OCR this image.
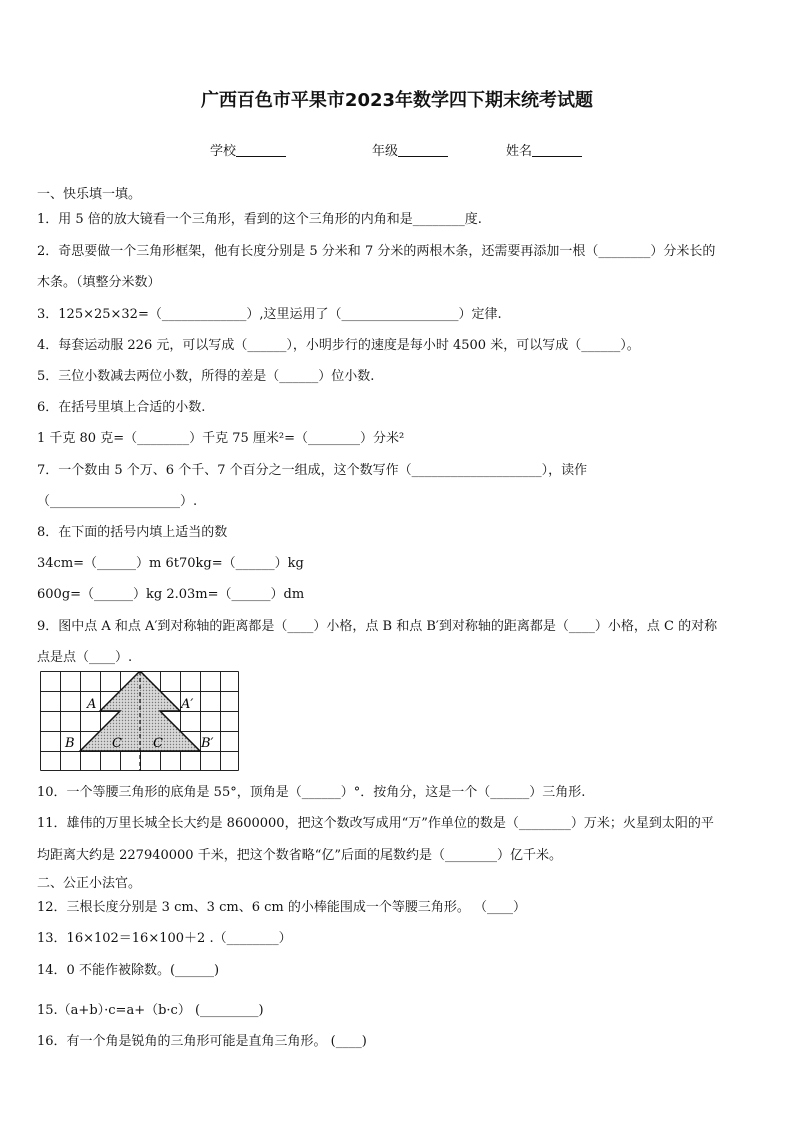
广西百色市平果市2023年数学四下期末统考试题
学校	年级	姓名
一、快乐填一填。
1．用 5 倍的放大镜看一个三角形，看到的这个三角形的内角和是________度.
2．奇思要做一个三角形框架，他有长度分别是 5 分米和 7 分米的两根木条，还需要再添加一根（________）分米长的
木条。（填整分米数）
3．125×25×32=（_____________）,这里运用了（__________________）定律.
4．每套运动服 226 元，可以写成（______），小明步行的速度是每小时 4500 米，可以写成（______）。
5．三位小数减去两位小数，所得的差是（______）位小数.
6．在括号里填上合适的小数.
1 千克 80 克=（________）千克 75 厘米²=（________）分米²
7．一个数由 5 个万、6 个千、7 个百分之一组成，这个数写作（____________________），读作
（____________________）.
8．在下面的括号内填上适当的数
34cm=（______）m 6t70kg=（______）kg
600g=（______）kg 2.03m=（______）dm
9．图中点 A 和点 A′到对称轴的距离都是（____）小格，点 B 和点 B′到对称轴的距离都是（____）小格，点 C 的对称
点是点（____）.
10．一个等腰三角形的底角是 55°，顶角是（______）°．按角分，这是一个（______）三角形.
11．雄伟的万里长城全长大约是 8600000，把这个数改写成用“万”作单位的数是（________）万米；火星到太阳的平
均距离大约是 227940000 千米，把这个数省略“亿”后面的尾数约是（________）亿千米。
二、公正小法官。
12．三根长度分别是 3 cm、3 cm、6 cm 的小棒能围成一个等腰三角形。 （____）
13．16×102＝16×100＋2 .（________）
14．0 不能作被除数。(______)
15.（a+b）·c=a+（b·c） (_________)
16．有一个角是锐角的三角形可能是直角三角形。 (____)
A	A′
B	B′
C C
